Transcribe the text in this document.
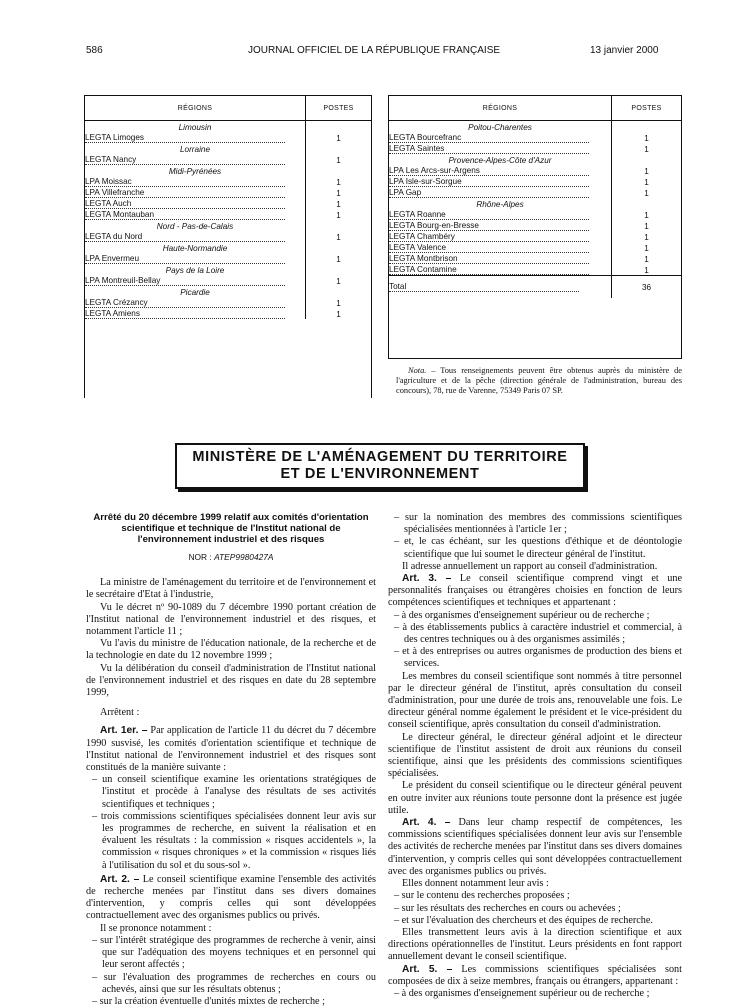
586	JOURNAL OFFICIEL DE LA RÉPUBLIQUE FRANÇAISE	13 janvier 2000
RÉGIONS	POSTES
Limousin	
LEGTA Limoges	1
Lorraine	
LEGTA Nancy	1
Midi-Pyrénées	
LPA Moissac	1
LPA Villefranche	1
LEGTA Auch	1
LEGTA Montauban	1
Nord - Pas-de-Calais	
LEGTA du Nord	1
Haute-Normandie	
LPA Envermeu	1
Pays de la Loire	
LPA Montreuil-Bellay	1
Picardie	
LEGTA Crézancy	1
LEGTA Amiens	1
RÉGIONS	POSTES
Poitou-Charentes	
LEGTA Bourcefranc	1
LEGTA Saintes	1
Provence-Alpes-Côte d'Azur	
LPA Les Arcs-sur-Argens	1
LPA Isle-sur-Sorgue	1
LPA Gap	1
Rhône-Alpes	
LEGTA Roanne	1
LEGTA Bourg-en-Bresse	1
LEGTA Chambéry	1
LEGTA Valence	1
LEGTA Montbrison	1
LEGTA Contamine	1
Total	36
Nota. – Tous renseignements peuvent être obtenus auprès du ministère de l'agriculture et de la pêche (direction générale de l'administration, bureau des concours), 78, rue de Varenne, 75349 Paris 07 SP.
MINISTÈRE DE L'AMÉNAGEMENT DU TERRITOIRE
ET DE L'ENVIRONNEMENT
Arrêté du 20 décembre 1999 relatif aux comités d'orientation scientifique et technique de l'Institut national de l'environnement industriel et des risques
NOR : ATEP9980427A

La ministre de l'aménagement du territoire et de l'environnement et le secrétaire d'Etat à l'industrie,

Vu le décret nº 90-1089 du 7 décembre 1990 portant création de l'Institut national de l'environnement industriel et des risques, et notamment l'article 11 ;

Vu l'avis du ministre de l'éducation nationale, de la recherche et de la technologie en date du 12 novembre 1999 ;

Vu la délibération du conseil d'administration de l'Institut national de l'environnement industriel et des risques en date du 28 septembre 1999,

Arrêtent :

Art. 1er. – Par application de l'article 11 du décret du 7 décembre 1990 susvisé, les comités d'orientation scientifique et technique de l'Institut national de l'environnement industriel et des risques sont constitués de la manière suivante :

– un conseil scientifique examine les orientations stratégiques de l'institut et procède à l'analyse des résultats de ses activités scientifiques et techniques ;
– trois commissions scientifiques spécialisées donnent leur avis sur les programmes de recherche, en suivent la réalisation et en évaluent les résultats : la commission « risques accidentels », la commission « risques chroniques » et la commission « risques liés à l'utilisation du sol et du sous-sol ».

Art. 2. – Le conseil scientifique examine l'ensemble des activités de recherche menées par l'institut dans ses divers domaines d'intervention, y compris celles qui sont développées contractuellement avec des organismes publics ou privés.

Il se prononce notamment :

– sur l'intérêt stratégique des programmes de recherche à venir, ainsi que sur l'adéquation des moyens techniques et en personnel qui leur seront affectés ;
– sur l'évaluation des programmes de recherches en cours ou achevés, ainsi que sur les résultats obtenus ;
– sur la création éventuelle d'unités mixtes de recherche ;
– sur la nomination des membres des commissions scientifiques spécialisées mentionnées à l'article 1er ;
– et, le cas échéant, sur les questions d'éthique et de déontologie scientifique que lui soumet le directeur général de l'institut.

Il adresse annuellement un rapport au conseil d'administration.

Art. 3. – Le conseil scientifique comprend vingt et une personnalités françaises ou étrangères choisies en fonction de leurs compétences scientifiques et techniques et appartenant :

– à des organismes d'enseignement supérieur ou de recherche ;
– à des établissements publics à caractère industriel et commercial, à des centres techniques ou à des organismes assimilés ;
– et à des entreprises ou autres organismes de production des biens et services.

Les membres du conseil scientifique sont nommés à titre personnel par le directeur général de l'institut, après consultation du conseil d'administration, pour une durée de trois ans, renouvelable une fois. Le directeur général nomme également le président et le vice-président du conseil scientifique, après consultation du conseil d'administration.

Le directeur général, le directeur général adjoint et le directeur scientifique de l'institut assistent de droit aux réunions du conseil scientifique, ainsi que les présidents des commissions scientifiques spécialisées.

Le président du conseil scientifique ou le directeur général peuvent en outre inviter aux réunions toute personne dont la présence est jugée utile.

Art. 4. – Dans leur champ respectif de compétences, les commissions scientifiques spécialisées donnent leur avis sur l'ensemble des activités de recherche menées par l'institut dans ses divers domaines d'intervention, y compris celles qui sont développées contractuellement avec des organismes publics ou privés.

Elles donnent notamment leur avis :

– sur le contenu des recherches proposées ;
– sur les résultats des recherches en cours ou achevées ;
– et sur l'évaluation des chercheurs et des équipes de recherche.

Elles transmettent leurs avis à la direction scientifique et aux directions opérationnelles de l'institut. Leurs présidents en font rapport annuellement devant le conseil scientifique.

Art. 5. – Les commissions scientifiques spécialisées sont composées de dix à seize membres, français ou étrangers, appartenant :

– à des organismes d'enseignement supérieur ou de recherche ;
